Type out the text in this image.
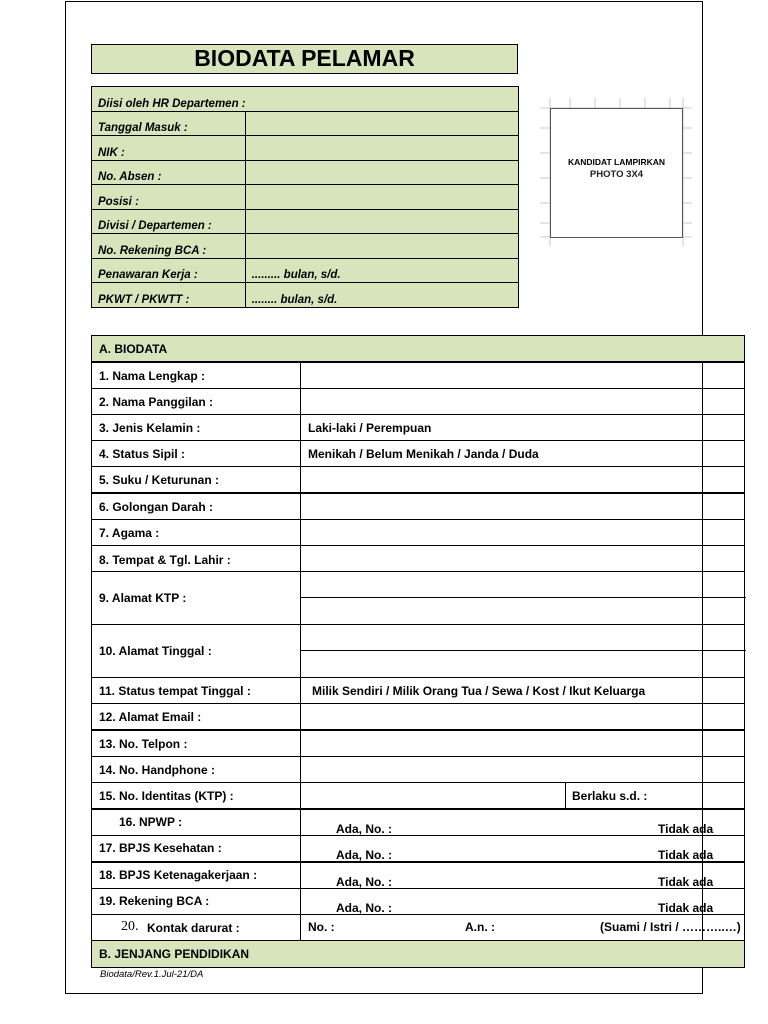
BIODATA PELAMAR
Diisi oleh HR Departemen :	
Tanggal Masuk :	
NIK :	
No. Absen :	
Posisi :	
Divisi / Departemen :	
No. Rekening BCA :	
Penawaran Kerja :	......... bulan, s/d.
PKWT / PKWTT :	........ bulan, s/d.
KANDIDAT LAMPIRKAN
PHOTO 3X4
A. BIODATA
1. Nama Lengkap :
2. Nama Panggilan :
3. Jenis Kelamin :	Laki-laki / Perempuan
4. Status Sipil :	Menikah / Belum Menikah / Janda / Duda
5. Suku / Keturunan :
6. Golongan Darah :
7. Agama :
8. Tempat & Tgl. Lahir :
9. Alamat KTP :
10. Alamat Tinggal :
11. Status tempat Tinggal :	Milik Sendiri / Milik Orang Tua / Sewa / Kost / Ikut Keluarga
12. Alamat Email :
13. No. Telpon :
14. No. Handphone :
15. No. Identitas (KTP) :	Berlaku s.d. :
16. NPWP :	Ada, No. :	Tidak ada
17. BPJS Kesehatan :	Ada, No. :	Tidak ada
18. BPJS Ketenagakerjaan :	Ada, No. :	Tidak ada
19. Rekening BCA :	Ada, No. :	Tidak ada
20. Kontak darurat :	No. :	A.n. :	(Suami / Istri / ………..…)
B. JENJANG PENDIDIKAN
Biodata/Rev.1.Jul-21/DA
